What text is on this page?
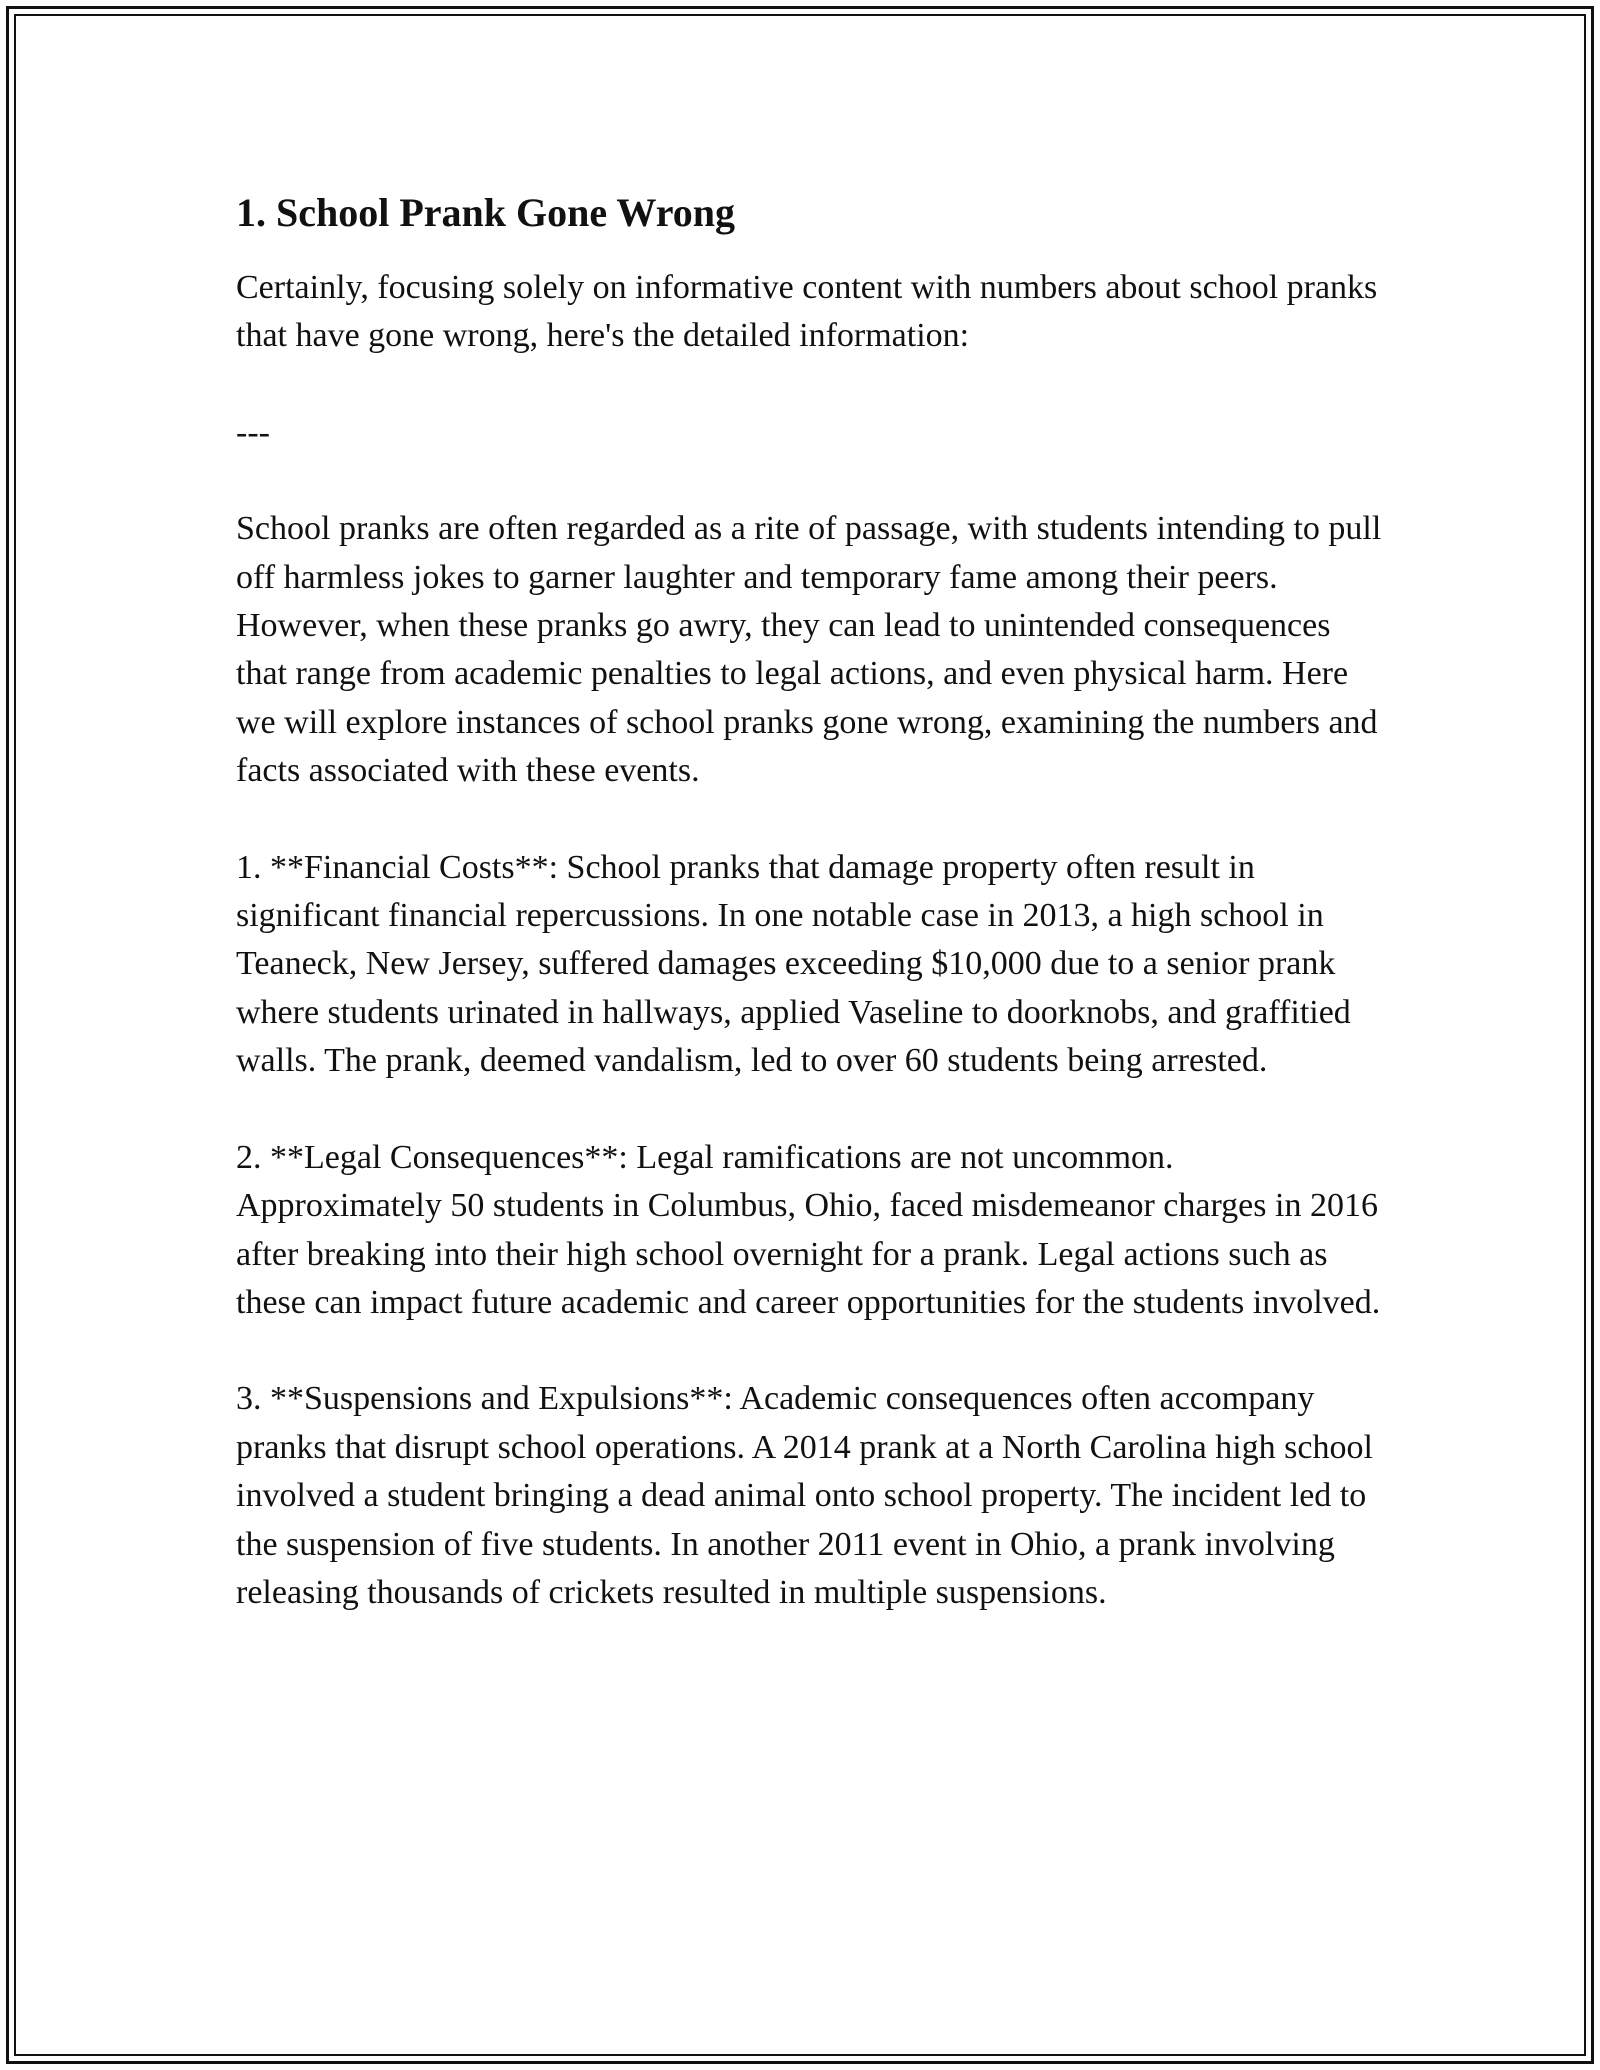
1. School Prank Gone Wrong

Certainly, focusing solely on informative content with numbers about school pranks that have gone wrong, here's the detailed information:

---

School pranks are often regarded as a rite of passage, with students intending to pull off harmless jokes to garner laughter and temporary fame among their peers. However, when these pranks go awry, they can lead to unintended consequences that range from academic penalties to legal actions, and even physical harm. Here we will explore instances of school pranks gone wrong, examining the numbers and facts associated with these events.

1. **Financial Costs**: School pranks that damage property often result in significant financial repercussions. In one notable case in 2013, a high school in Teaneck, New Jersey, suffered damages exceeding $10,000 due to a senior prank where students urinated in hallways, applied Vaseline to doorknobs, and graffitied walls. The prank, deemed vandalism, led to over 60 students being arrested.

2. **Legal Consequences**: Legal ramifications are not uncommon. Approximately 50 students in Columbus, Ohio, faced misdemeanor charges in 2016 after breaking into their high school overnight for a prank. Legal actions such as these can impact future academic and career opportunities for the students involved.

3. **Suspensions and Expulsions**: Academic consequences often accompany pranks that disrupt school operations. A 2014 prank at a North Carolina high school involved a student bringing a dead animal onto school property. The incident led to the suspension of five students. In another 2011 event in Ohio, a prank involving releasing thousands of crickets resulted in multiple suspensions.
